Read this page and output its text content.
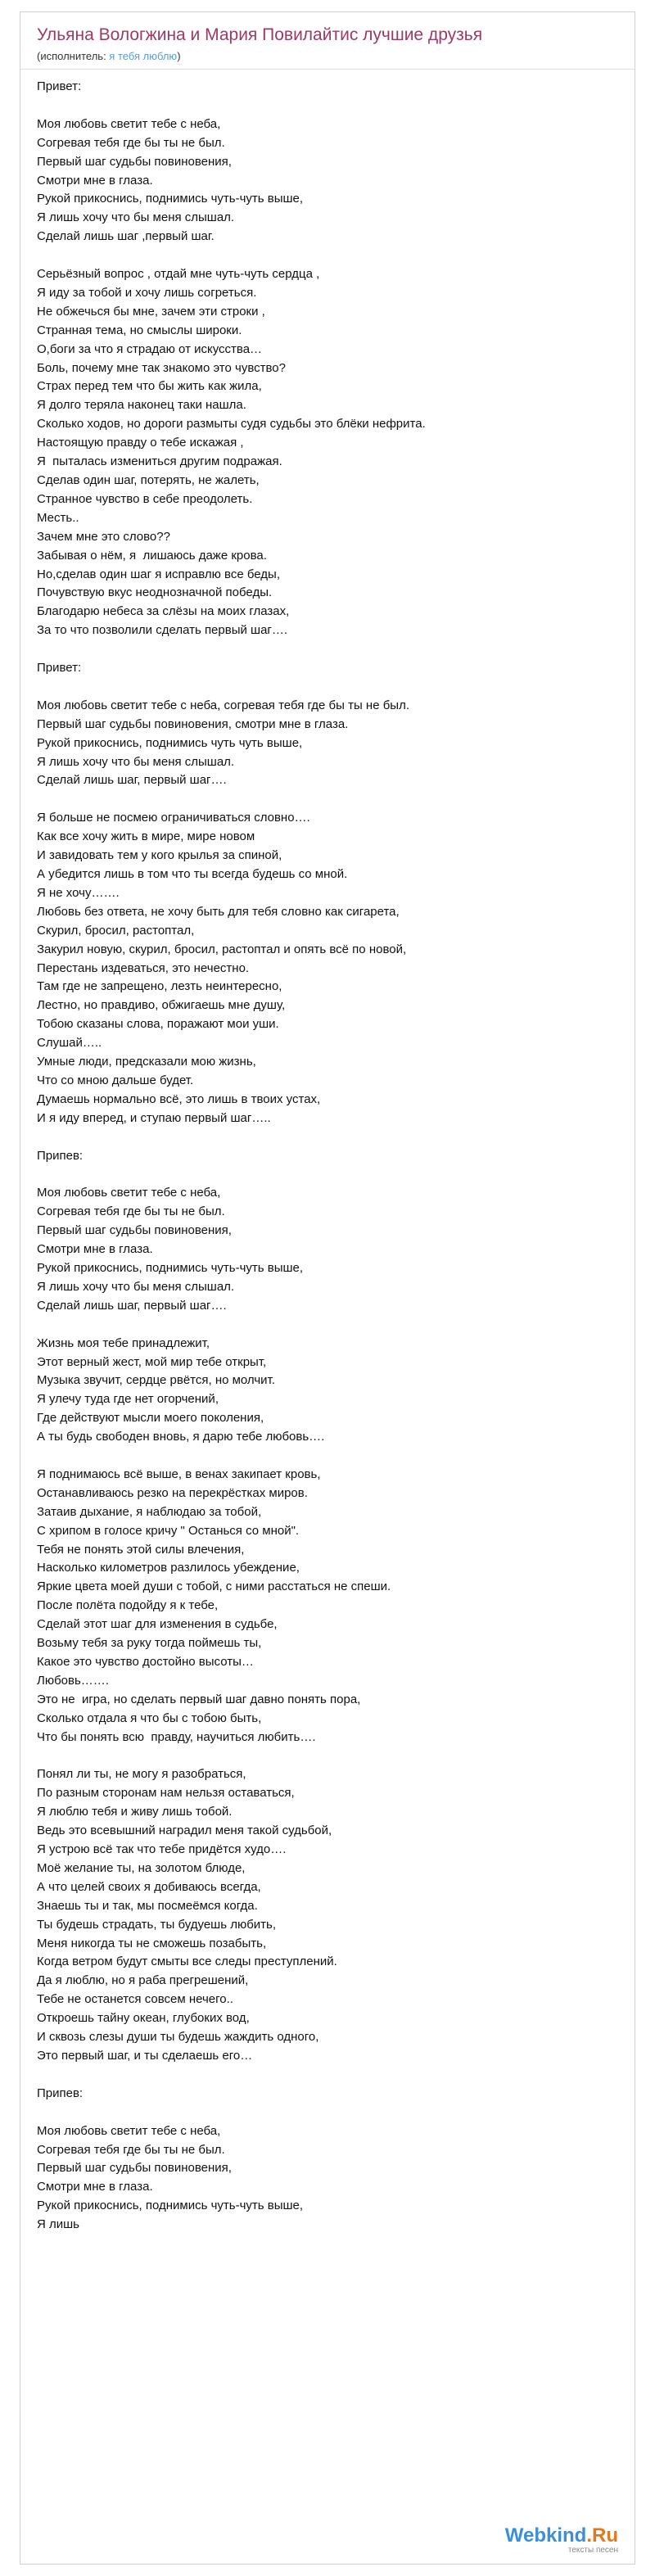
Ульяна Вологжина и Мария Повилайтис лучшие друзья
(исполнитель: я тебя люблю)
Привет:
Моя любовь светит тебе с неба,
Согревая тебя где бы ты не был.
Первый шаг судьбы повиновения,
Смотри мне в глаза.
Рукой прикоснись, поднимись чуть-чуть выше,
Я лишь хочу что бы меня слышал.
Сделай лишь шаг ,первый шаг.
Серьёзный вопрос , отдай мне чуть-чуть сердца ,
Я иду за тобой и хочу лишь согреться.
Не обжечься бы мне, зачем эти строки ,
Странная тема, но смыслы широки.
О,боги за что я страдаю от искусства…
Боль, почему мне так знакомо это чувство?
Страх перед тем что бы жить как жила,
Я долго теряла наконец таки нашла.
Сколько ходов, но дороги размыты судя судьбы это блёки нефрита.
Настоящую правду о тебе искажая ,
Я  пыталась измениться другим подражая.
Сделав один шаг, потерять, не жалеть,
Странное чувство в себе преодолеть.
Месть..
Зачем мне это слово??
Забывая о нём, я  лишаюсь даже крова.
Но,сделав один шаг я исправлю все беды,
Почувствую вкус неоднозначной победы.
Благодарю небеса за слёзы на моих глазах,
За то что позволили сделать первый шаг….
Привет:
Моя любовь светит тебе с неба, согревая тебя где бы ты не был.
Первый шаг судьбы повиновения, смотри мне в глаза.
Рукой прикоснись, поднимись чуть чуть выше,
Я лишь хочу что бы меня слышал.
Сделай лишь шаг, первый шаг….
Я больше не посмею ограничиваться словно….
Как все хочу жить в мире, мире новом
И завидовать тем у кого крылья за спиной,
А убедится лишь в том что ты всегда будешь со мной.
Я не хочу…….
Любовь без ответа, не хочу быть для тебя словно как сигарета,
Скурил, бросил, растоптал,
Закурил новую, скурил, бросил, растоптал и опять всё по новой,
Перестань издеваться, это нечестно.
Там где не запрещено, лезть неинтересно,
Лестно, но правдиво, обжигаешь мне душу,
Тобою сказаны слова, поражают мои уши.
Слушай…..
Умные люди, предсказали мою жизнь,
Что со мною дальше будет.
Думаешь нормально всё, это лишь в твоих устах,
И я иду вперед, и ступаю первый шаг…..
Припев:
Моя любовь светит тебе с неба,
Согревая тебя где бы ты не был.
Первый шаг судьбы повиновения,
Смотри мне в глаза.
Рукой прикоснись, поднимись чуть-чуть выше,
Я лишь хочу что бы меня слышал.
Сделай лишь шаг, первый шаг….
Жизнь моя тебе принадлежит,
Этот верный жест, мой мир тебе открыт,
Музыка звучит, сердце рвётся, но молчит.
Я улечу туда где нет огорчений,
Где действуют мысли моего поколения,
А ты будь свободен вновь, я дарю тебе любовь….
Я поднимаюсь всё выше, в венах закипает кровь,
Останавливаюсь резко на перекрёстках миров.
Затаив дыхание, я наблюдаю за тобой,
С хрипом в голосе кричу " Останься со мной".
Тебя не понять этой силы влечения,
Насколько километров разлилось убеждение,
Яркие цвета моей души с тобой, с ними расстаться не спеши.
После полёта подойду я к тебе,
Сделай этот шаг для изменения в судьбе,
Возьму тебя за руку тогда поймешь ты,
Какое это чувство достойно высоты…
Любовь…….
Это не  игра, но сделать первый шаг давно понять пора,
Сколько отдала я что бы с тобою быть,
Что бы понять всю  правду, научиться любить….
Понял ли ты, не могу я разобраться,
По разным сторонам нам нельзя оставаться,
Я люблю тебя и живу лишь тобой.
Ведь это всевышний наградил меня такой судьбой,
Я устрою всё так что тебе придётся худо….
Моё желание ты, на золотом блюде,
А что целей своих я добиваюсь всегда,
Знаешь ты и так, мы посмеёмся когда.
Ты будешь страдать, ты будуешь любить,
Меня никогда ты не сможешь позабыть,
Когда ветром будут смыты все следы преступлений.
Да я люблю, но я раба прегрешений,
Тебе не останется совсем нечего..
Откроешь тайну океан, глубоких вод,
И сквозь слезы души ты будешь жаждить одного,
Это первый шаг, и ты сделаешь его…
Припев:
Моя любовь светит тебе с неба,
Согревая тебя где бы ты не был.
Первый шаг судьбы повиновения,
Смотри мне в глаза.
Рукой прикоснись, поднимись чуть-чуть выше,
Я лишь
Webkind.Ru
тексты песен
